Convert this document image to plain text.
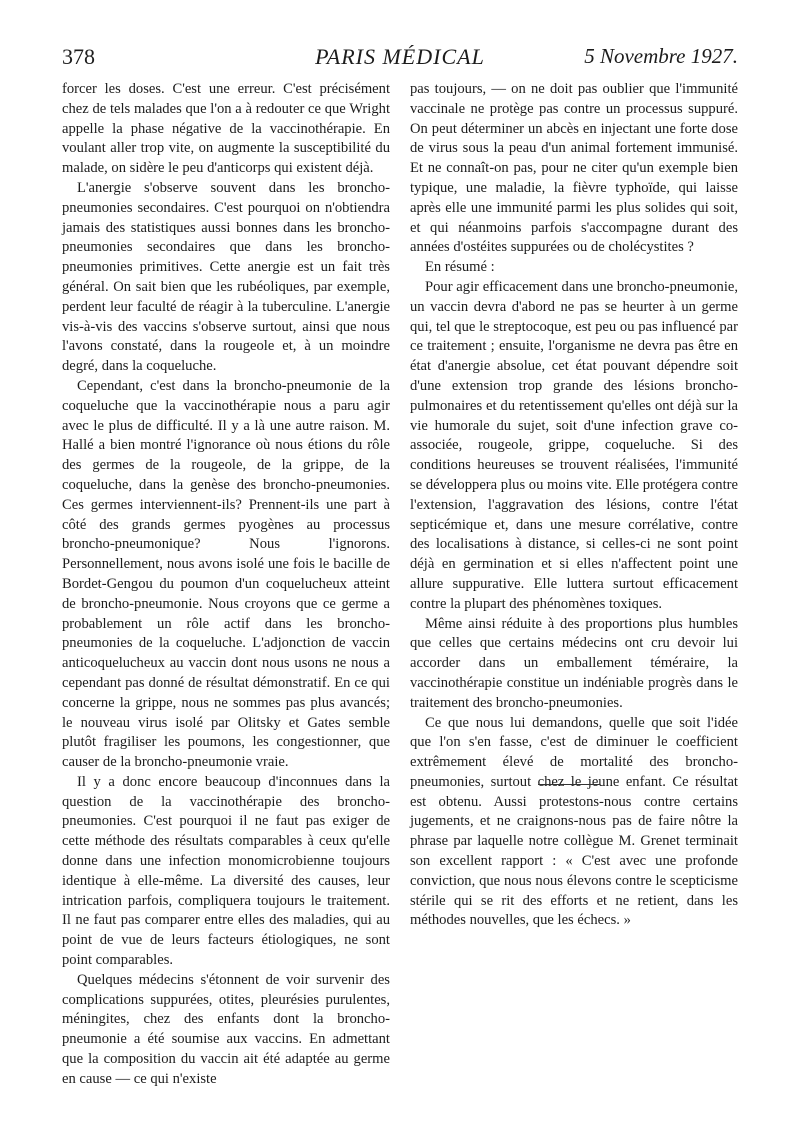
378	PARIS MÉDICAL	5 Novembre 1927.

forcer les doses. C'est une erreur. C'est précisément chez de tels malades que l'on a à redouter ce que Wright appelle la phase négative de la vaccinothérapie. En voulant aller trop vite, on augmente la susceptibilité du malade, on sidère le peu d'anticorps qui existent déjà.

L'anergie s'observe souvent dans les broncho-pneumonies secondaires. C'est pourquoi on n'obtiendra jamais des statistiques aussi bonnes dans les broncho-pneumonies secondaires que dans les broncho-pneumonies primitives. Cette anergie est un fait très général. On sait bien que les rubéoliques, par exemple, perdent leur faculté de réagir à la tuberculine. L'anergie vis-à-vis des vaccins s'observe surtout, ainsi que nous l'avons constaté, dans la rougeole et, à un moindre degré, dans la coqueluche.

Cependant, c'est dans la broncho-pneumonie de la coqueluche que la vaccinothérapie nous a paru agir avec le plus de difficulté. Il y a là une autre raison. M. Hallé a bien montré l'ignorance où nous étions du rôle des germes de la rougeole, de la grippe, de la coqueluche, dans la genèse des broncho-pneumonies. Ces germes interviennent-ils? Prennent-ils une part à côté des grands germes pyogènes au processus broncho-pneumonique? Nous l'ignorons. Personnellement, nous avons isolé une fois le bacille de Bordet-Gengou du poumon d'un coquelucheux atteint de broncho-pneumonie. Nous croyons que ce germe a probablement un rôle actif dans les broncho-pneumonies de la coqueluche. L'adjonction de vaccin anticoquelucheux au vaccin dont nous usons ne nous a cependant pas donné de résultat démonstratif. En ce qui concerne la grippe, nous ne sommes pas plus avancés; le nouveau virus isolé par Olitsky et Gates semble plutôt fragiliser les poumons, les congestionner, que causer de la broncho-pneumonie vraie.

Il y a donc encore beaucoup d'inconnues dans la question de la vaccinothérapie des broncho-pneumonies. C'est pourquoi il ne faut pas exiger de cette méthode des résultats comparables à ceux qu'elle donne dans une infection monomicrobienne toujours identique à elle-même. La diversité des causes, leur intrication parfois, compliquera toujours le traitement. Il ne faut pas comparer entre elles des maladies, qui au point de vue de leurs facteurs étiologiques, ne sont point comparables.

Quelques médecins s'étonnent de voir survenir des complications suppurées, otites, pleurésies purulentes, méningites, chez des enfants dont la broncho-pneumonie a été soumise aux vaccins. En admettant que la composition du vaccin ait été adaptée au germe en cause — ce qui n'existe

pas toujours, — on ne doit pas oublier que l'immunité vaccinale ne protège pas contre un processus suppuré. On peut déterminer un abcès en injectant une forte dose de virus sous la peau d'un animal fortement immunisé. Et ne connaît-on pas, pour ne citer qu'un exemple bien typique, une maladie, la fièvre typhoïde, qui laisse après elle une immunité parmi les plus solides qui soit, et qui néanmoins parfois s'accompagne durant des années d'ostéites suppurées ou de cholécystites ?

En résumé :

Pour agir efficacement dans une broncho-pneumonie, un vaccin devra d'abord ne pas se heurter à un germe qui, tel que le streptocoque, est peu ou pas influencé par ce traitement ; ensuite, l'organisme ne devra pas être en état d'anergie absolue, cet état pouvant dépendre soit d'une extension trop grande des lésions broncho-pulmonaires et du retentissement qu'elles ont déjà sur la vie humorale du sujet, soit d'une infection grave co-associée, rougeole, grippe, coqueluche. Si des conditions heureuses se trouvent réalisées, l'immunité se développera plus ou moins vite. Elle protégera contre l'extension, l'aggravation des lésions, contre l'état septicémique et, dans une mesure corrélative, contre des localisations à distance, si celles-ci ne sont point déjà en germination et si elles n'affectent point une allure suppurative. Elle luttera surtout efficacement contre la plupart des phénomènes toxiques.

Même ainsi réduite à des proportions plus humbles que celles que certains médecins ont cru devoir lui accorder dans un emballement téméraire, la vaccinothérapie constitue un indéniable progrès dans le traitement des broncho-pneumonies.

Ce que nous lui demandons, quelle que soit l'idée que l'on s'en fasse, c'est de diminuer le coefficient extrêmement élevé de mortalité des broncho-pneumonies, surtout chez le jeune enfant. Ce résultat est obtenu. Aussi protestons-nous contre certains jugements, et ne craignons-nous pas de faire nôtre la phrase par laquelle notre collègue M. Grenet terminait son excellent rapport : « C'est avec une profonde conviction, que nous nous élevons contre le scepticisme stérile qui se rit des efforts et ne retient, dans les méthodes nouvelles, que les échecs. »
